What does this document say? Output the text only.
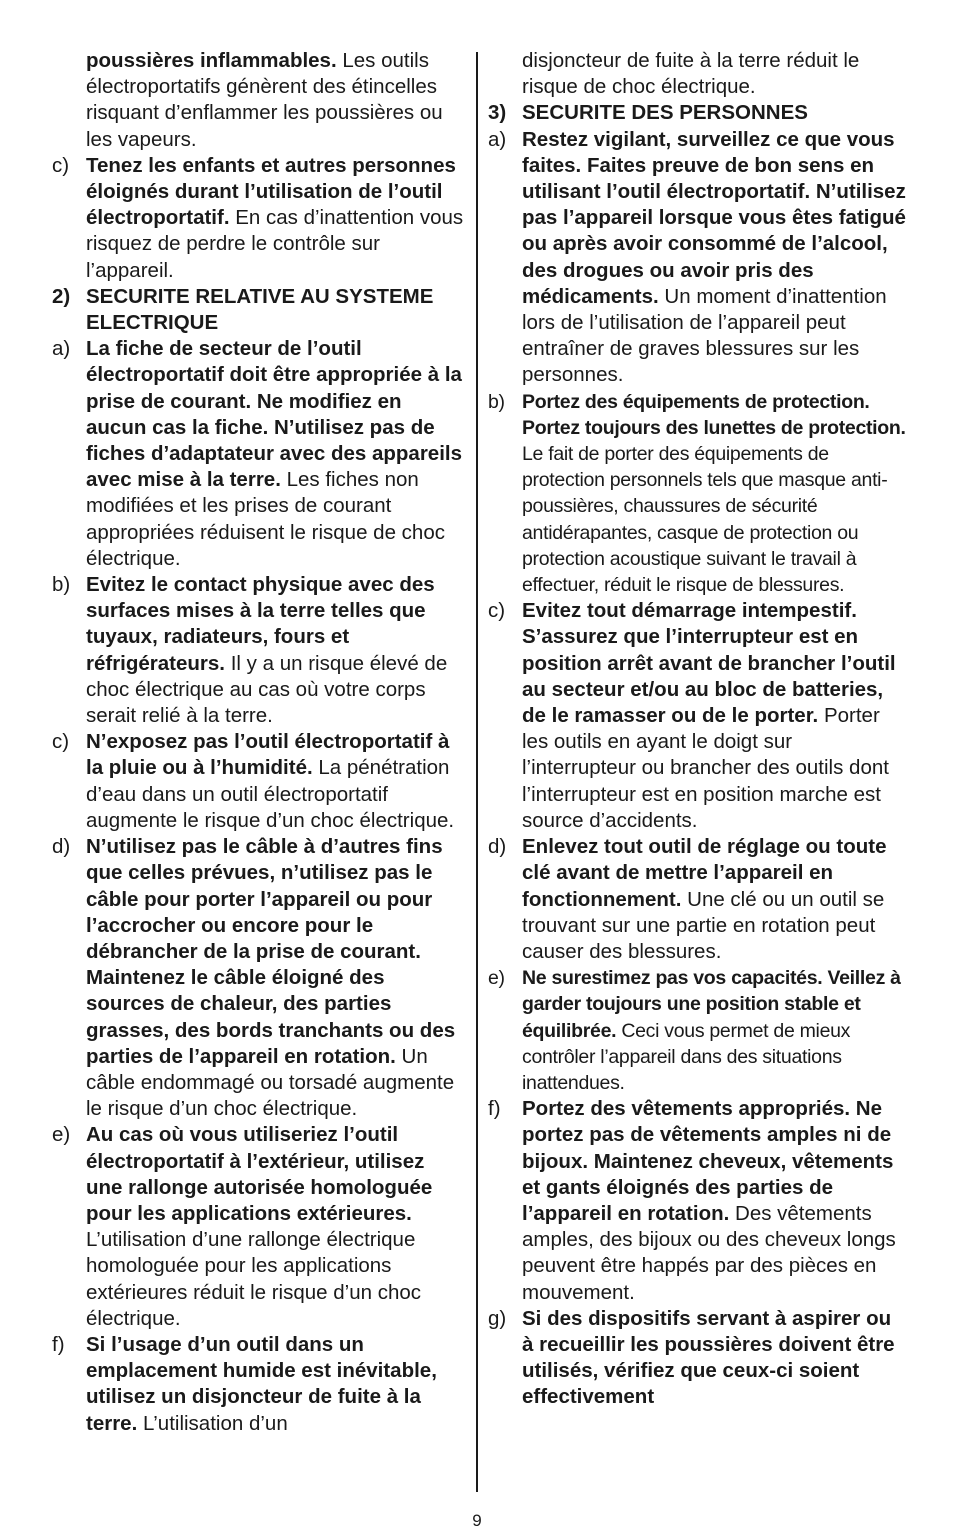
poussières inflammables. Les outils électroportatifs génèrent des étincelles risquant d’enflammer les poussières ou les vapeurs.

c) Tenez les enfants et autres personnes éloignés durant l’utilisation de l’outil électroportatif. En cas d’inattention vous risquez de perdre le contrôle sur l’appareil.
2) SECURITE RELATIVE AU SYSTEME ELECTRIQUE
a) La fiche de secteur de l’outil électroportatif doit être appropriée à la prise de courant. Ne modifiez en aucun cas la fiche. N’utilisez pas de fiches d’adaptateur avec des appareils avec mise à la terre. Les fiches non modifiées et les prises de courant appropriées réduisent le risque de choc électrique.
b) Evitez le contact physique avec des surfaces mises à la terre telles que tuyaux, radiateurs, fours et réfrigérateurs. Il y a un risque élevé de choc électrique au cas où votre corps serait relié à la terre.
c) N’exposez pas l’outil électroportatif à la pluie ou à l’humidité. La pénétration d’eau dans un outil électroportatif augmente le risque d’un choc électrique.
d) N’utilisez pas le câble à d’autres fins que celles prévues, n’utilisez pas le câble pour porter l’appareil ou pour l’accrocher ou encore pour le débrancher de la prise de courant. Maintenez le câble éloigné des sources de chaleur, des parties grasses, des bords tranchants ou des parties de l’appareil en rotation. Un câble endommagé ou torsadé augmente le risque d’un choc électrique.
e) Au cas où vous utiliseriez l’outil électroportatif à l’extérieur, utilisez une rallonge autorisée homologuée pour les applications extérieures. L’utilisation d’une rallonge électrique homologuée pour les applications extérieures réduit le risque d’un choc électrique.
f)	Si l’usage d’un outil dans un emplacement humide est inévitable, utilisez un disjoncteur de fuite à la terre. L’utilisation d’un

disjoncteur de fuite à la terre réduit le risque de choc électrique.

3) SECURITE DES PERSONNES
a) Restez vigilant, surveillez ce que vous faites. Faites preuve de bon sens en utilisant l’outil électroportatif. N’utilisez pas l’appareil lorsque vous êtes fatigué ou après avoir consommé de l’alcool, des drogues ou avoir pris des médicaments. Un moment d’inattention lors de l’utilisation de l’appareil peut entraîner de graves blessures sur les personnes.
b) Portez des équipements de protection. Portez toujours des lunettes de protection. Le fait de porter des équipements de protection personnels tels que masque anti-poussières, chaussures de sécurité antidérapantes, casque de protection ou protection acoustique suivant le travail à effectuer, réduit le risque de blessures.
c) Evitez tout démarrage intempestif. S’assurez que l’interrupteur est en position arrêt avant de brancher l’outil au secteur et/ou au bloc de batteries, de le ramasser ou de le porter. Porter les outils en ayant le doigt sur l’interrupteur ou brancher des outils dont l’interrupteur est en position marche est source d’accidents.
d) Enlevez tout outil de réglage ou toute clé avant de mettre l’appareil en fonctionnement. Une clé ou un outil se trouvant sur une partie en rotation peut causer des blessures.
e) Ne surestimez pas vos capacités. Veillez à garder toujours une position stable et équilibrée. Ceci vous permet de mieux contrôler l’appareil dans des situations inattendues.
f)	Portez des vêtements appropriés. Ne portez pas de vêtements amples ni de bijoux. Maintenez cheveux, vêtements et gants éloignés des parties de l’appareil en rotation. Des vêtements amples, des bijoux ou des cheveux longs peuvent être happés par des pièces en mouvement.
g) Si des dispositifs servant à aspirer ou à recueillir les poussières doivent être utilisés, vérifiez que ceux-ci soient effectivement
9
